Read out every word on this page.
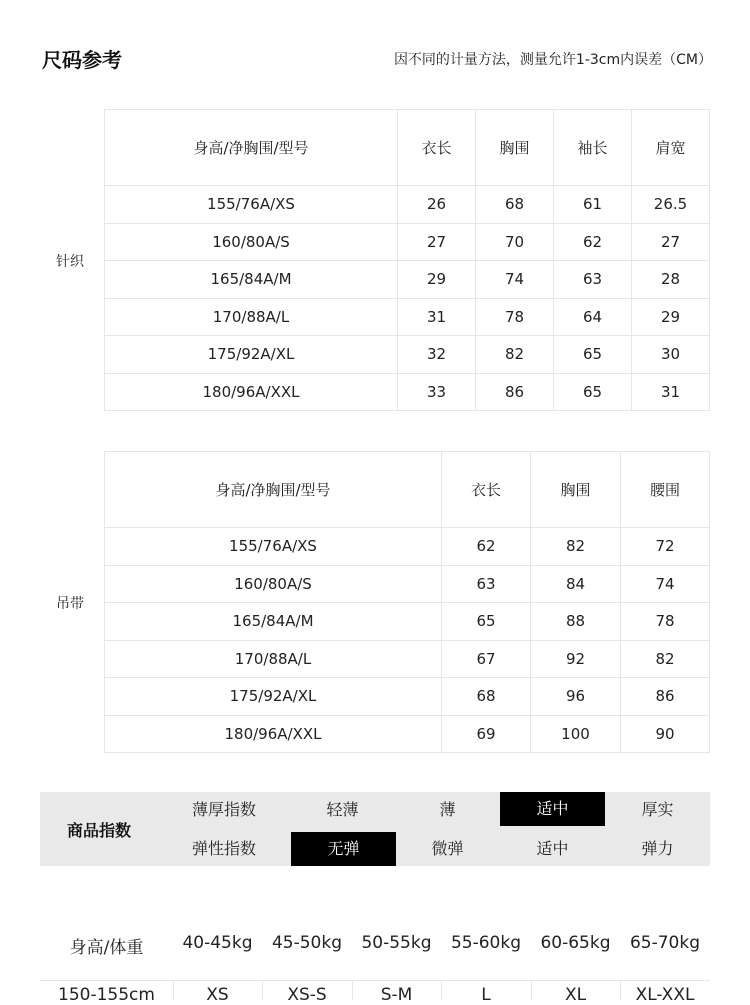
尺码参考	因不同的计量方法，测量允许1-3cm内误差（CM）
针织
身高/净胸围/型号	衣长	胸围	袖长	肩宽
155/76A/XS	26	68	61	26.5
160/80A/S	27	70	62	27
165/84A/M	29	74	63	28
170/88A/L	31	78	64	29
175/92A/XL	32	82	65	30
180/96A/XXL	33	86	65	31
吊带
身高/净胸围/型号	衣长	胸围	腰围
155/76A/XS	62	82	72
160/80A/S	63	84	74
165/84A/M	65	88	78
170/88A/L	67	92	82
175/92A/XL	68	96	86
180/96A/XXL	69	100	90
商品指数
薄厚指数	轻薄	薄	适中	厚实
弹性指数	无弹	微弹	适中	弹力
身高/体重	40-45kg	45-50kg	50-55kg	55-60kg	60-65kg	65-70kg
150-155cm	XS	XS-S	S-M	L	XL	XL-XXL
